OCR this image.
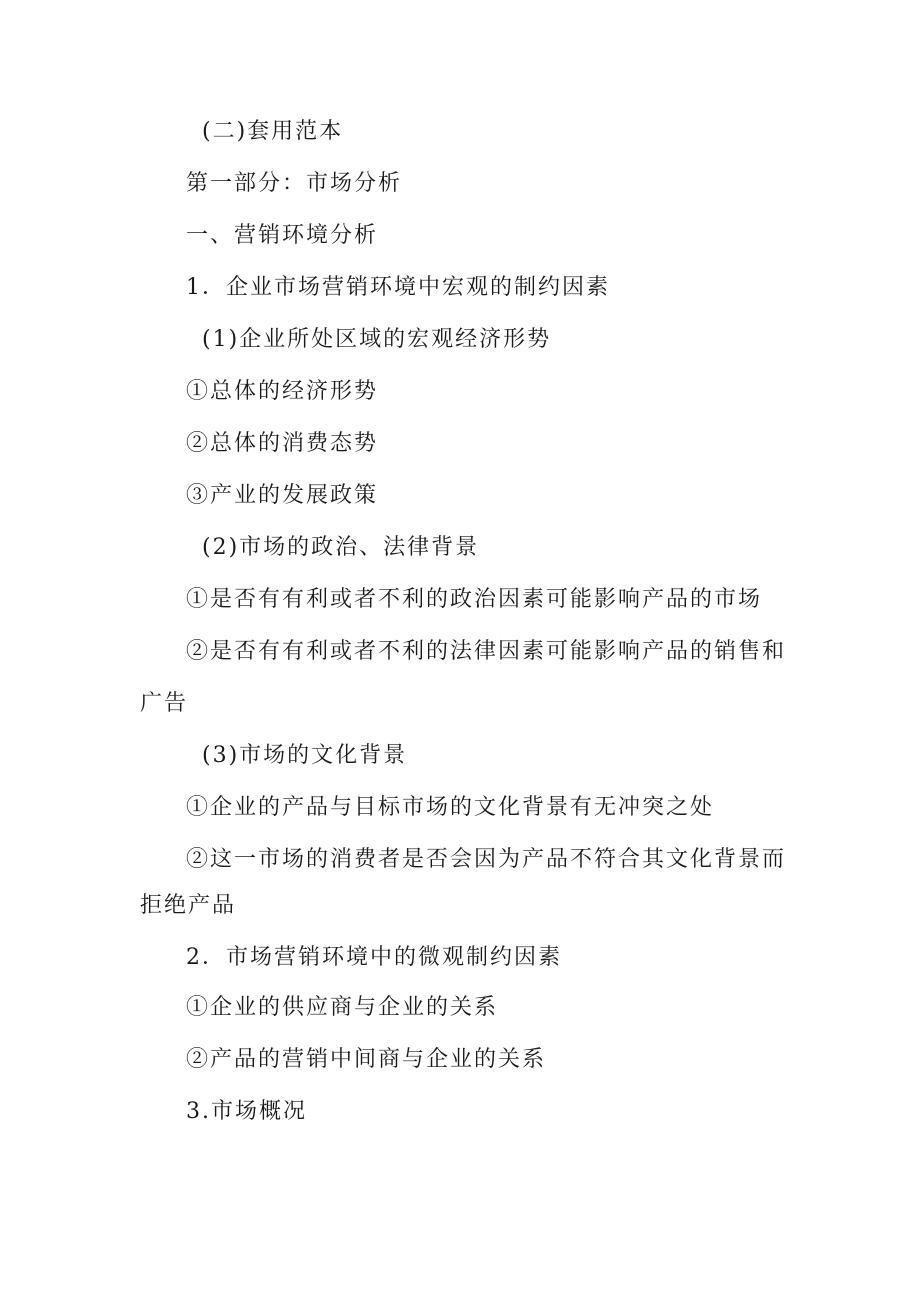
(二)套用范本

第一部分：市场分析

一、营销环境分析

1．企业市场营销环境中宏观的制约因素

(1)企业所处区域的宏观经济形势

①总体的经济形势

②总体的消费态势

③产业的发展政策

(2)市场的政治、法律背景

①是否有有利或者不利的政治因素可能影响产品的市场

②是否有有利或者不利的法律因素可能影响产品的销售和

广告

(3)市场的文化背景

①企业的产品与目标市场的文化背景有无冲突之处

②这一市场的消费者是否会因为产品不符合其文化背景而

拒绝产品

2．市场营销环境中的微观制约因素

①企业的供应商与企业的关系

②产品的营销中间商与企业的关系

3.市场概况
